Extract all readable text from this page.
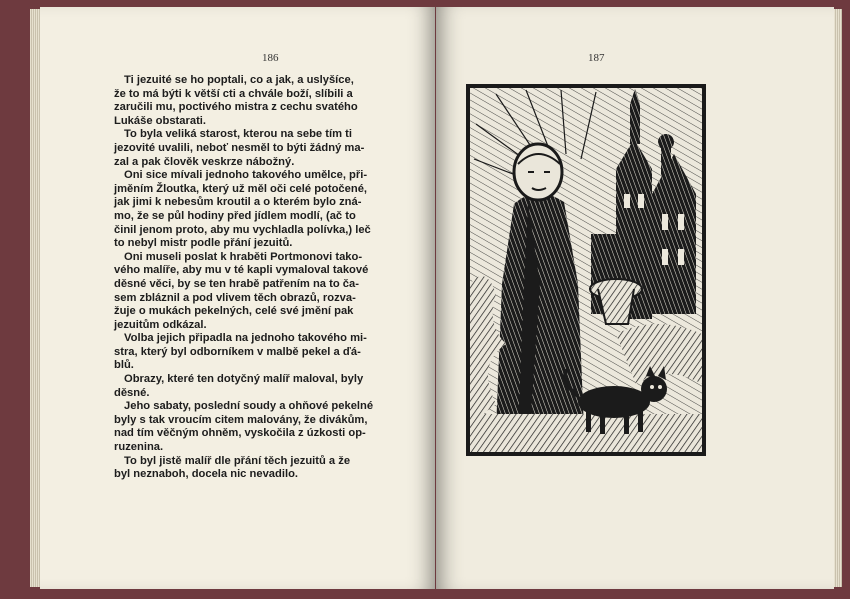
186	187
Ti jezuité se ho poptali, co a jak, a uslyšíce,
že to má býti k větší cti a chvále boží, slíbili a
zaručili mu, poctivého mistra z cechu svatého
Lukáše obstarati.
To byla veliká starost, kterou na sebe tím ti
jezovité uvalili, neboť nesměl to býti žádný ma-
zal a pak člověk veskrze nábožný.
Oni sice mívali jednoho takového umělce, při-
jměním Žloutka, který už měl oči celé potočené,
jak jimi k nebesům kroutil a o kterém bylo zná-
mo, že se půl hodiny před jídlem modlí, (ač to
činil jenom proto, aby mu vychladla polívka,) leč
to nebyl mistr podle přání jezuitů.
Oni museli poslat k hraběti Portmonovi tako-
vého malíře, aby mu v té kapli vymaloval takové
děsné věci, by se ten hrabě patřením na to ča-
sem zbláznil a pod vlivem těch obrazů, rozva-
žuje o mukách pekelných, celé své jmění pak
jezuitům odkázal.
Volba jejich připadla na jednoho takového mi-
stra, který byl odborníkem v malbě pekel a ďá-
blů.
Obrazy, které ten dotyčný malíř maloval, byly
děsné.
Jeho sabaty, poslední soudy a ohňové pekelné
byly s tak vroucím citem malovány, že divákům,
nad tím věčným ohněm, vyskočila z úzkosti op-
ruzenina.
To byl jistě malíř dle přání těch jezuitů a že
byl neznaboh, docela nic nevadilo.
